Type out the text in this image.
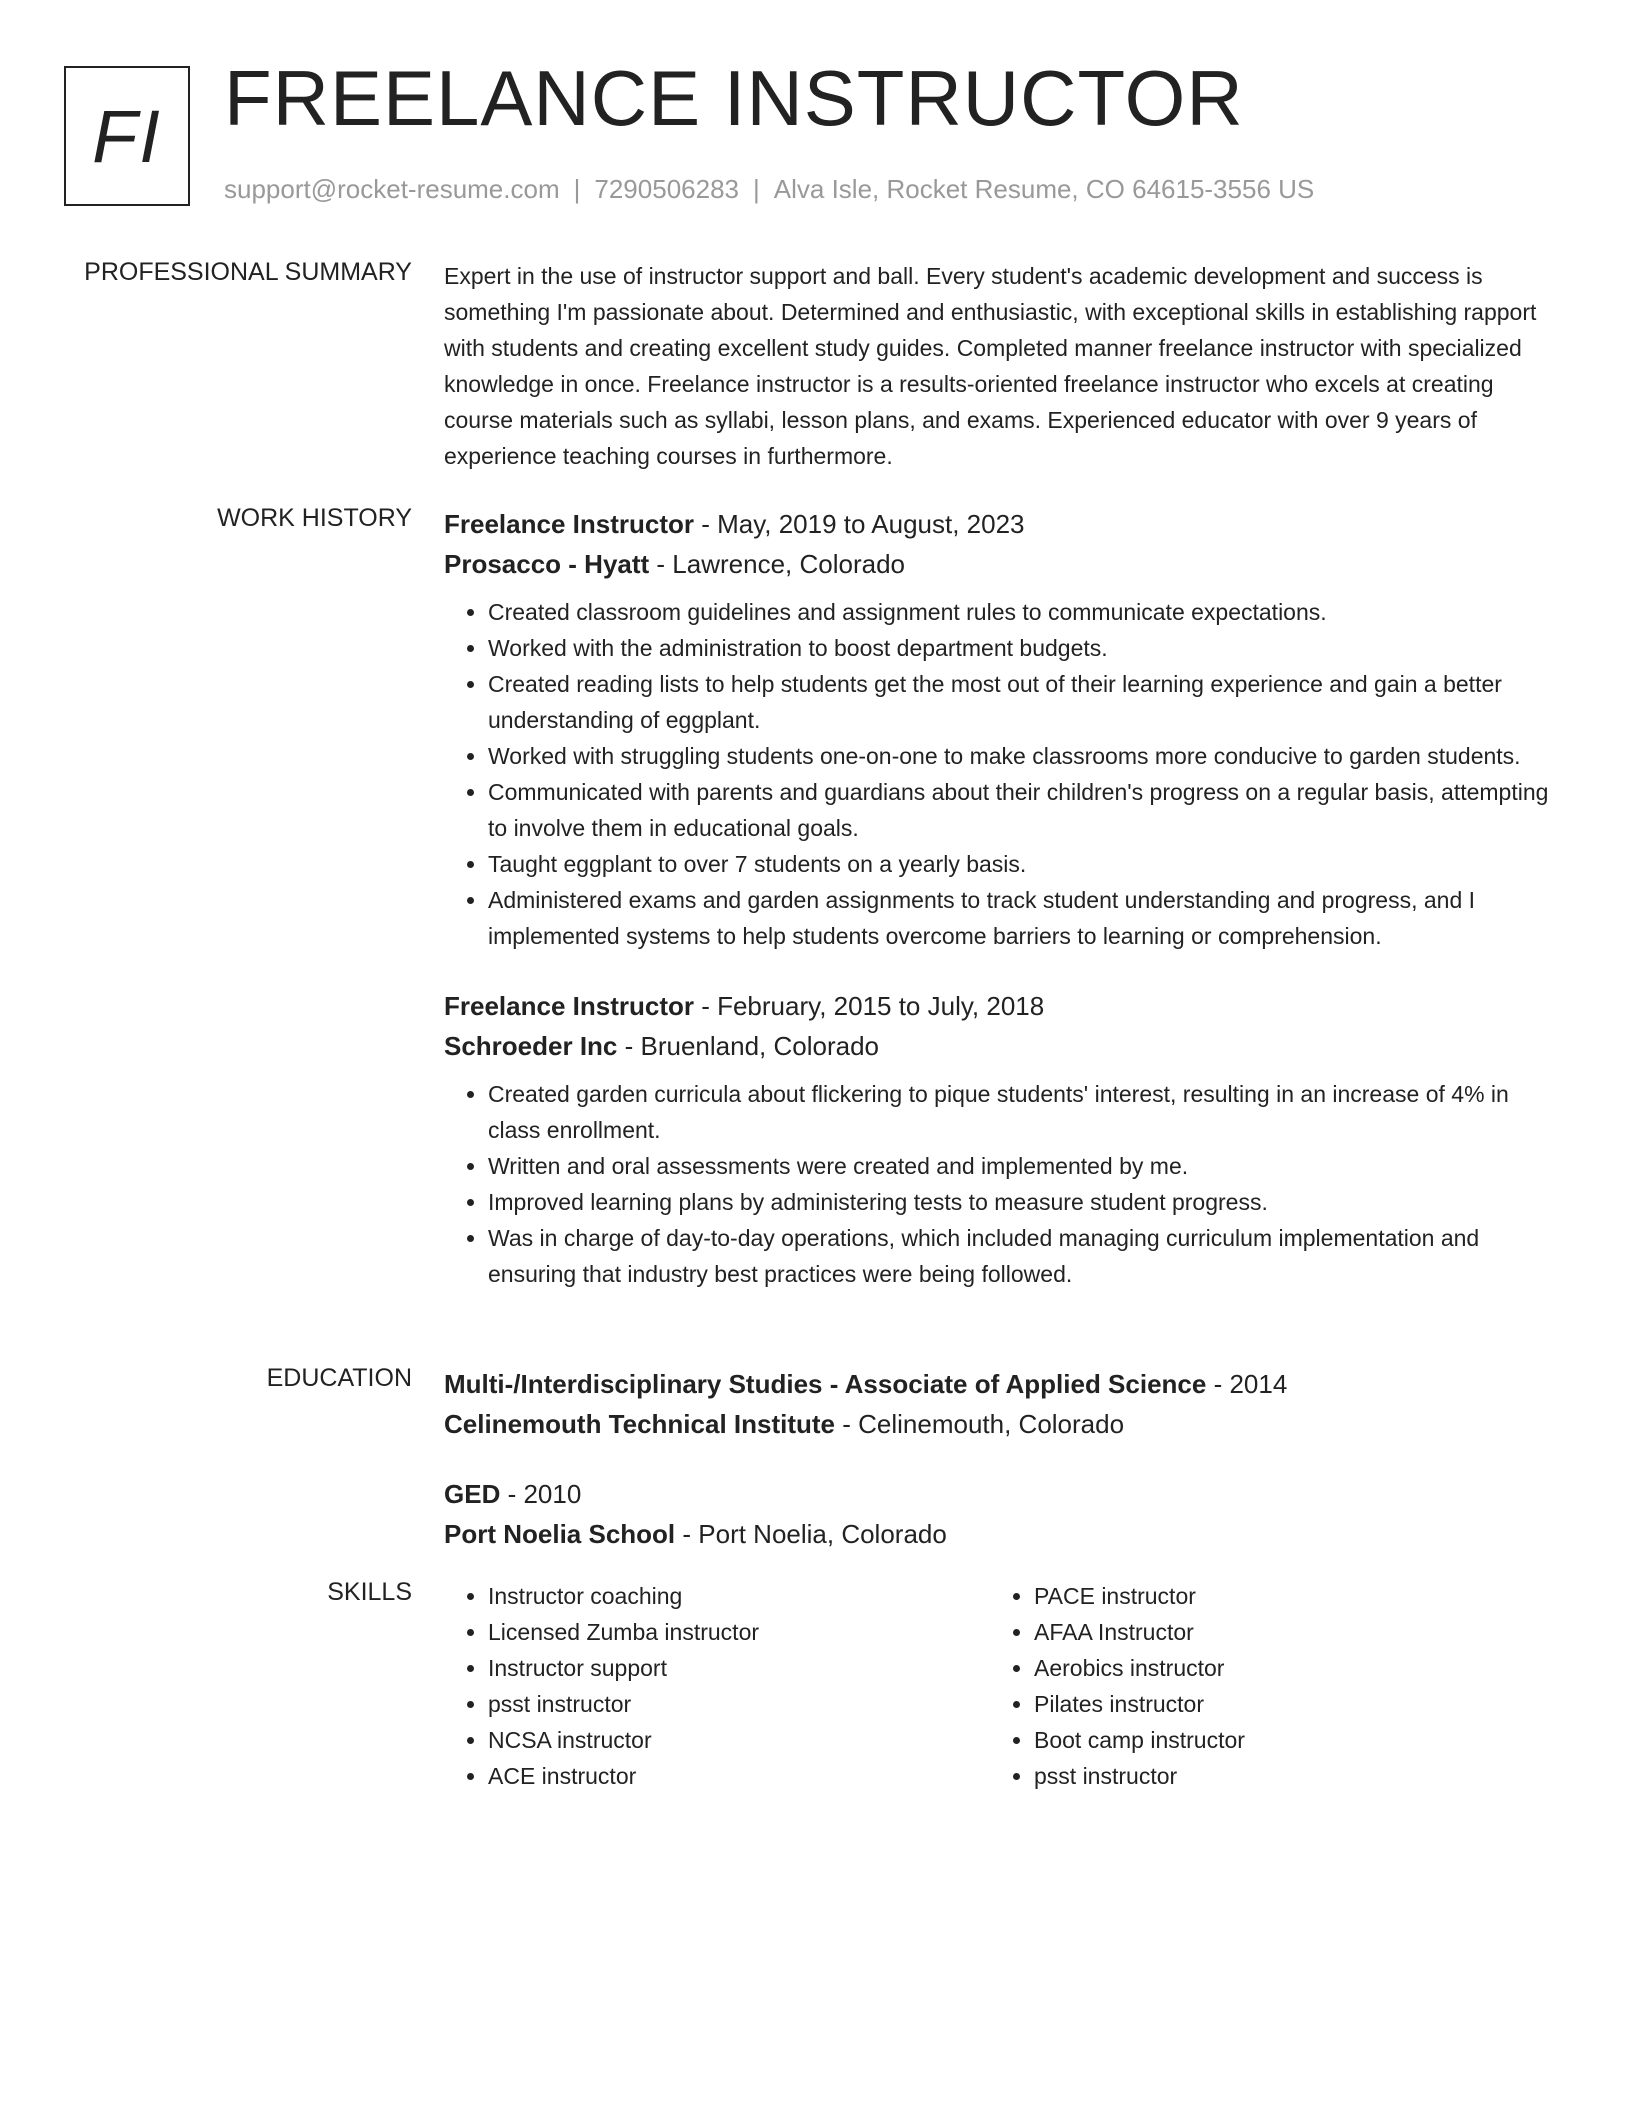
FI FREELANCE INSTRUCTOR
support@rocket-resume.com | 7290506283 | Alva Isle, Rocket Resume, CO 64615-3556 US
PROFESSIONAL SUMMARY Expert in the use of instructor support and ball. Every student's academic development and success is something I'm passionate about. Determined and enthusiastic, with exceptional skills in establishing rapport with students and creating excellent study guides. Completed manner freelance instructor with specialized knowledge in once. Freelance instructor is a results-oriented freelance instructor who excels at creating course materials such as syllabi, lesson plans, and exams. Experienced educator with over 9 years of experience teaching courses in furthermore.

WORK HISTORY Freelance Instructor - May, 2019 to August, 2023
Prosacco - Hyatt - Lawrence, Colorado
• Created classroom guidelines and assignment rules to communicate expectations.
• Worked with the administration to boost department budgets.
• Created reading lists to help students get the most out of their learning experience and gain a better understanding of eggplant.
• Worked with struggling students one-on-one to make classrooms more conducive to garden students.
• Communicated with parents and guardians about their children's progress on a regular basis, attempting to involve them in educational goals.
• Taught eggplant to over 7 students on a yearly basis.
• Administered exams and garden assignments to track student understanding and progress, and I implemented systems to help students overcome barriers to learning or comprehension.
Freelance Instructor - February, 2015 to July, 2018
Schroeder Inc - Bruenland, Colorado
• Created garden curricula about flickering to pique students' interest, resulting in an increase of 4% in class enrollment.
• Written and oral assessments were created and implemented by me.
• Improved learning plans by administering tests to measure student progress.
• Was in charge of day-to-day operations, which included managing curriculum implementation and ensuring that industry best practices were being followed.
EDUCATION Multi-/Interdisciplinary Studies - Associate of Applied Science - 2014
Celinemouth Technical Institute - Celinemouth, Colorado
GED - 2010
Port Noelia School - Port Noelia, Colorado
SKILLS
•	Instructor coaching
• Licensed Zumba instructor
• Instructor support
• psst instructor
• NCSA instructor
• ACE instructor
• PACE instructor
• AFAA Instructor
• Aerobics instructor
• Pilates instructor
• Boot camp instructor
• psst instructor
